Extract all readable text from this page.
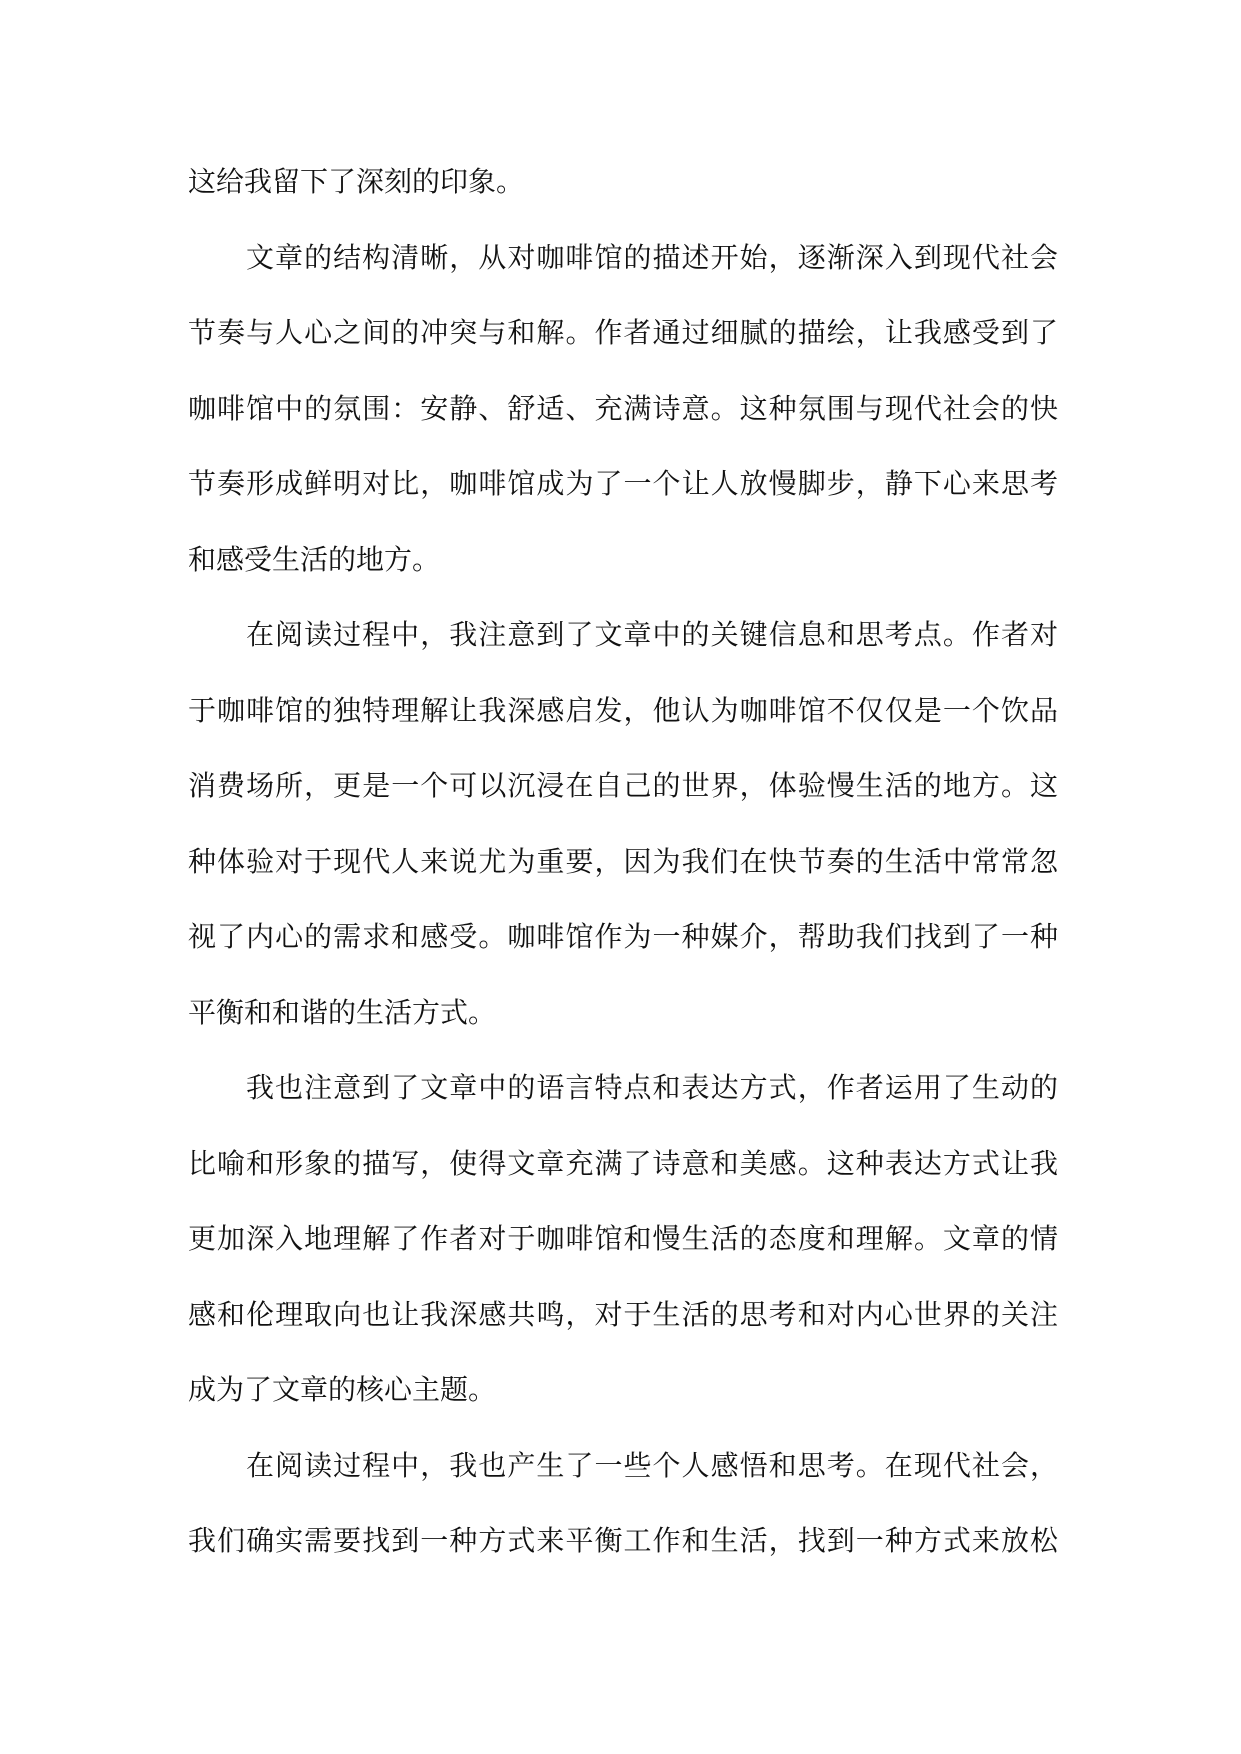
这给我留下了深刻的印象。
文章的结构清晰，从对咖啡馆的描述开始，逐渐深入到现代社会
节奏与人心之间的冲突与和解。作者通过细腻的描绘，让我感受到了
咖啡馆中的氛围：安静、舒适、充满诗意。这种氛围与现代社会的快
节奏形成鲜明对比，咖啡馆成为了一个让人放慢脚步，静下心来思考
和感受生活的地方。
在阅读过程中，我注意到了文章中的关键信息和思考点。作者对
于咖啡馆的独特理解让我深感启发，他认为咖啡馆不仅仅是一个饮品
消费场所，更是一个可以沉浸在自己的世界，体验慢生活的地方。这
种体验对于现代人来说尤为重要，因为我们在快节奏的生活中常常忽
视了内心的需求和感受。咖啡馆作为一种媒介，帮助我们找到了一种
平衡和和谐的生活方式。
我也注意到了文章中的语言特点和表达方式，作者运用了生动的
比喻和形象的描写，使得文章充满了诗意和美感。这种表达方式让我
更加深入地理解了作者对于咖啡馆和慢生活的态度和理解。文章的情
感和伦理取向也让我深感共鸣，对于生活的思考和对内心世界的关注
成为了文章的核心主题。
在阅读过程中，我也产生了一些个人感悟和思考。在现代社会，
我们确实需要找到一种方式来平衡工作和生活，找到一种方式来放松
